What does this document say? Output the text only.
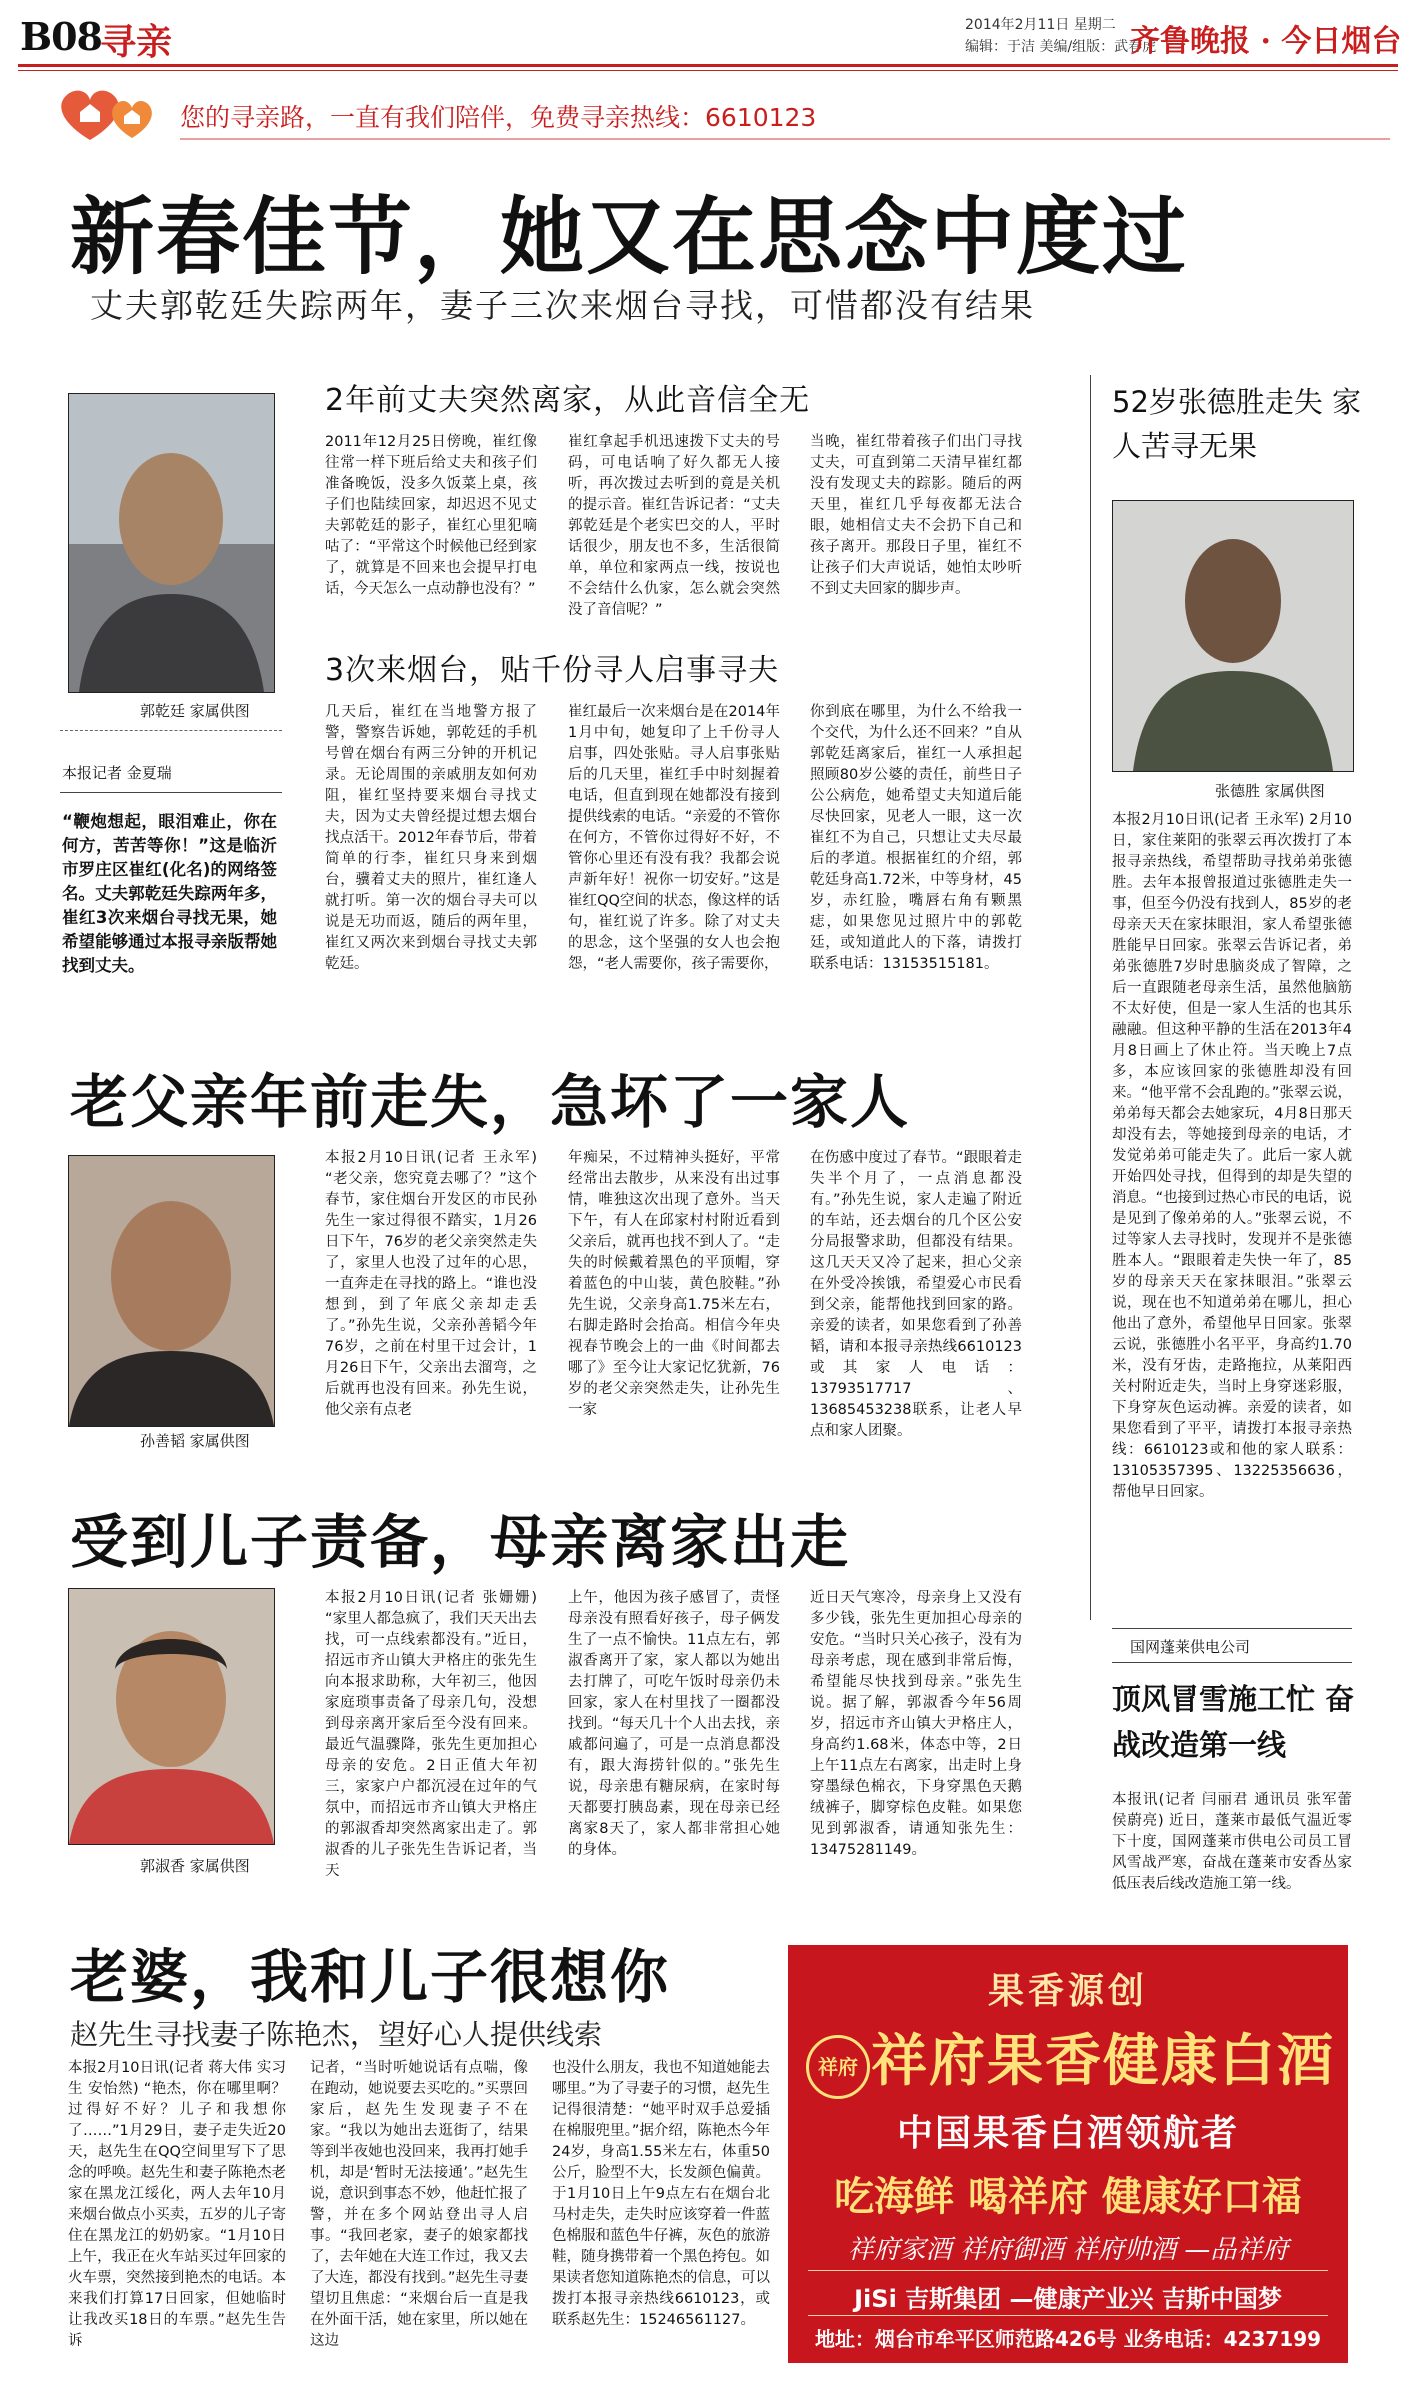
B08
寻亲	2014年2月11日 星期二
编辑：于洁 美编/组版：武春虎
齐鲁晚报 · 今日烟台
您的寻亲路，一直有我们陪伴，免费寻亲热线：6610123
新春佳节，她又在思念中度过
丈夫郭乾廷失踪两年，妻子三次来烟台寻找，可惜都没有结果
郭乾廷 家属供图
本报记者 金夏瑞
“鞭炮想起，眼泪难止，你在何方，苦苦等你！”这是临沂市罗庄区崔红(化名)的网络签名。丈夫郭乾廷失踪两年多，崔红3次来烟台寻找无果，她希望能够通过本报寻亲版帮她找到丈夫。
2年前丈夫突然离家，从此音信全无
2011年12月25日傍晚，崔红像往常一样下班后给丈夫和孩子们准备晚饭，没多久饭菜上桌，孩子们也陆续回家，却迟迟不见丈夫郭乾廷的影子，崔红心里犯嘀咕了：“平常这个时候他已经到家了，就算是不回来也会提早打电话，今天怎么一点动静也没有？”
崔红拿起手机迅速拨下丈夫的号码，可电话响了好久都无人接听，再次拨过去听到的竟是关机的提示音。崔红告诉记者：“丈夫郭乾廷是个老实巴交的人，平时话很少，朋友也不多，生活很简单，单位和家两点一线，按说也不会结什么仇家，怎么就会突然没了音信呢？”
当晚，崔红带着孩子们出门寻找丈夫，可直到第二天清早崔红都没有发现丈夫的踪影。随后的两天里，崔红几乎每夜都无法合眼，她相信丈夫不会扔下自己和孩子离开。那段日子里，崔红不让孩子们大声说话，她怕太吵听不到丈夫回家的脚步声。
3次来烟台，贴千份寻人启事寻夫
几天后，崔红在当地警方报了警，警察告诉她，郭乾廷的手机号曾在烟台有两三分钟的开机记录。无论周围的亲戚朋友如何劝阻，崔红坚持要来烟台寻找丈夫，因为丈夫曾经提过想去烟台找点活干。2012年春节后，带着简单的行李，崔红只身来到烟台，骥着丈夫的照片，崔红逢人就打听。第一次的烟台寻夫可以说是无功而返，随后的两年里，崔红又两次来到烟台寻找丈夫郭乾廷。
崔红最后一次来烟台是在2014年1月中旬，她复印了上千份寻人启事，四处张贴。寻人启事张贴后的几天里，崔红手中时刻握着电话，但直到现在她都没有接到提供线索的电话。“亲爱的不管你在何方，不管你过得好不好，不管你心里还有没有我？我都会说声新年好！祝你一切安好。”这是崔红QQ空间的状态，像这样的话句，崔红说了许多。除了对丈夫的思念，这个坚强的女人也会抱怨，“老人需要你，孩子需要你，
你到底在哪里，为什么不给我一个交代，为什么还不回来？”自从郭乾廷离家后，崔红一人承担起照顾80岁公婆的责任，前些日子公公病危，她希望丈夫知道后能尽快回家，见老人一眼，这一次崔红不为自己，只想让丈夫尽最后的孝道。根据崔红的介绍，郭乾廷身高1.72米，中等身材，45岁，赤红脸，嘴唇右角有颗黑痣，如果您见过照片中的郭乾廷，或知道此人的下落，请拨打联系电话：13153515181。
52岁张德胜走失 家人苦寻无果
张德胜 家属供图
本报2月10日讯(记者 王永军) 2月10日，家住莱阳的张翠云再次拨打了本报寻亲热线，希望帮助寻找弟弟张德胜。去年本报曾报道过张德胜走失一事，但至今仍没有找到人，85岁的老母亲天天在家抹眼泪，家人希望张德胜能早日回家。张翠云告诉记者，弟弟张德胜7岁时患脑炎成了智障，之后一直跟随老母亲生活，虽然他脑筋不太好使，但是一家人生活的也其乐融融。但这种平静的生活在2013年4月8日画上了休止符。当天晚上7点多，本应该回家的张德胜却没有回来。“他平常不会乱跑的。”张翠云说，弟弟每天都会去她家玩，4月8日那天却没有去，等她接到母亲的电话，才发觉弟弟可能走失了。此后一家人就开始四处寻找，但得到的却是失望的消息。“也接到过热心市民的电话，说是见到了像弟弟的人。”张翠云说，不过等家人去寻找时，发现并不是张德胜本人。“跟眼着走失快一年了，85岁的母亲天天在家抹眼泪。”张翠云说，现在也不知道弟弟在哪儿，担心他出了意外，希望他早日回家。张翠云说，张德胜小名平平，身高约1.70米，没有牙齿，走路拖拉，从莱阳西关村附近走失，当时上身穿迷彩服，下身穿灰色运动裤。亲爱的读者，如果您看到了平平，请拨打本报寻亲热线：6610123或和他的家人联系：13105357395、13225356636，帮他早日回家。
老父亲年前走失，急坏了一家人
孙善韬 家属供图
本报2月10日讯(记者 王永军) “老父亲，您究竟去哪了？”这个春节，家住烟台开发区的市民孙先生一家过得很不踏实，1月26日下午，76岁的老父亲突然走失了，家里人也没了过年的心思，一直奔走在寻找的路上。“谁也没想到，到了年底父亲却走丢了。”孙先生说，父亲孙善韬今年76岁，之前在村里干过会计，1月26日下午，父亲出去溜弯，之后就再也没有回来。孙先生说，他父亲有点老
年痴呆，不过精神头挺好，平常经常出去散步，从来没有出过事情，唯独这次出现了意外。当天下午，有人在邱家村村附近看到父亲后，就再也找不到人了。“走失的时候戴着黑色的平顶帽，穿着蓝色的中山装，黄色胶鞋。”孙先生说，父亲身高1.75米左右，右脚走路时会抬高。相信今年央视春节晚会上的一曲《时间都去哪了》至今让大家记忆犹新，76岁的老父亲突然走失，让孙先生一家
在伤感中度过了春节。“跟眼着走失半个月了，一点消息都没有。”孙先生说，家人走遍了附近的车站，还去烟台的几个区公安分局报警求助，但都没有结果。这几天天又冷了起来，担心父亲在外受冷挨饿，希望爱心市民看到父亲，能帮他找到回家的路。亲爱的读者，如果您看到了孙善韬，请和本报寻亲热线6610123或其家人电话：13793517717、13685453238联系，让老人早点和家人团聚。
受到儿子责备，母亲离家出走
郭淑香 家属供图
本报2月10日讯(记者 张姗姗) “家里人都急疯了，我们天天出去找，可一点线索都没有。”近日，招远市齐山镇大尹格庄的张先生向本报求助称，大年初三，他因家庭琐事责备了母亲几句，没想到母亲离开家后至今没有回来。最近气温骤降，张先生更加担心母亲的安危。2日正值大年初三，家家户户都沉浸在过年的气氛中，而招远市齐山镇大尹格庄的郭淑香却突然离家出走了。郭淑香的儿子张先生告诉记者，当天
上午，他因为孩子感冒了，责怪母亲没有照看好孩子，母子俩发生了一点不愉快。11点左右，郭淑香离开了家，家人都以为她出去打牌了，可吃午饭时母亲仍未回家，家人在村里找了一圈都没找到。“每天几十个人出去找，亲戚都问遍了，可是一点消息都没有，跟大海捞针似的。”张先生说，母亲患有糖尿病，在家时每天都要打胰岛素，现在母亲已经离家8天了，家人都非常担心她的身体。
近日天气寒冷，母亲身上又没有多少钱，张先生更加担心母亲的安危。“当时只关心孩子，没有为母亲考虑，现在感到非常后悔，希望能尽快找到母亲。”张先生说。据了解，郭淑香今年56周岁，招远市齐山镇大尹格庄人，身高约1.68米，体态中等，2日上午11点左右离家，出走时上身穿墨绿色棉衣，下身穿黑色天鹅绒裤子，脚穿棕色皮鞋。如果您见到郭淑香，请通知张先生：13475281149。
国网蓬莱供电公司
顶风冒雪施工忙 奋战改造第一线
本报讯(记者 闫丽君 通讯员 张军蕾 侯蔚亮) 近日，蓬莱市最低气温近零下十度，国网蓬莱市供电公司员工冒风雪战严寒，奋战在蓬莱市安香丛家低压表后线改造施工第一线。
老婆，我和儿子很想你
赵先生寻找妻子陈艳杰，望好心人提供线索
本报2月10日讯(记者 蒋大伟 实习生 安怡然) “艳杰，你在哪里啊？过得好不好？儿子和我想你了……”1月29日，妻子走失近20天，赵先生在QQ空间里写下了思念的呼唤。赵先生和妻子陈艳杰老家在黑龙江绥化，两人去年10月来烟台做点小买卖，五岁的儿子寄住在黑龙江的奶奶家。“1月10日上午，我正在火车站买过年回家的火车票，突然接到艳杰的电话。本来我们打算17日回家，但她临时让我改买18日的车票。”赵先生告诉
记者，“当时听她说话有点喘，像在跑动，她说要去买吃的。”买票回家后，赵先生发现妻子不在家。“我以为她出去逛街了，结果等到半夜她也没回来，我再打她手机，却是‘暂时无法接通’。”赵先生说，意识到事态不妙，他赶忙报了警，并在多个网站登出寻人启事。“我回老家，妻子的娘家都找了，去年她在大连工作过，我又去了大连，都没有找到。”赵先生寻妻望切且焦虑：“来烟台后一直是我在外面干活，她在家里，所以她在这边
也没什么朋友，我也不知道她能去哪里。”为了寻妻子的习惯，赵先生记得很清楚：“她平时双手总爱插在棉服兜里。”据介绍，陈艳杰今年24岁，身高1.55米左右，体重50公斤，脸型不大，长发颜色偏黄。于1月10日上午9点左右在烟台北马村走失，走失时应该穿着一件蓝色棉服和蓝色牛仔裤，灰色的旅游鞋，随身携带着一个黑色挎包。如果读者您知道陈艳杰的信息，可以拨打本报寻亲热线6610123，或联系赵先生：15246561127。
果香源创
祥府 祥府果香健康白酒
中国果香白酒领航者
吃海鲜 喝祥府 健康好口福
祥府家酒 祥府御酒 祥府帅酒 —品祥府
JiSi 吉斯集团 —健康产业兴 吉斯中国梦
地址：烟台市牟平区师范路426号 业务电话：4237199
